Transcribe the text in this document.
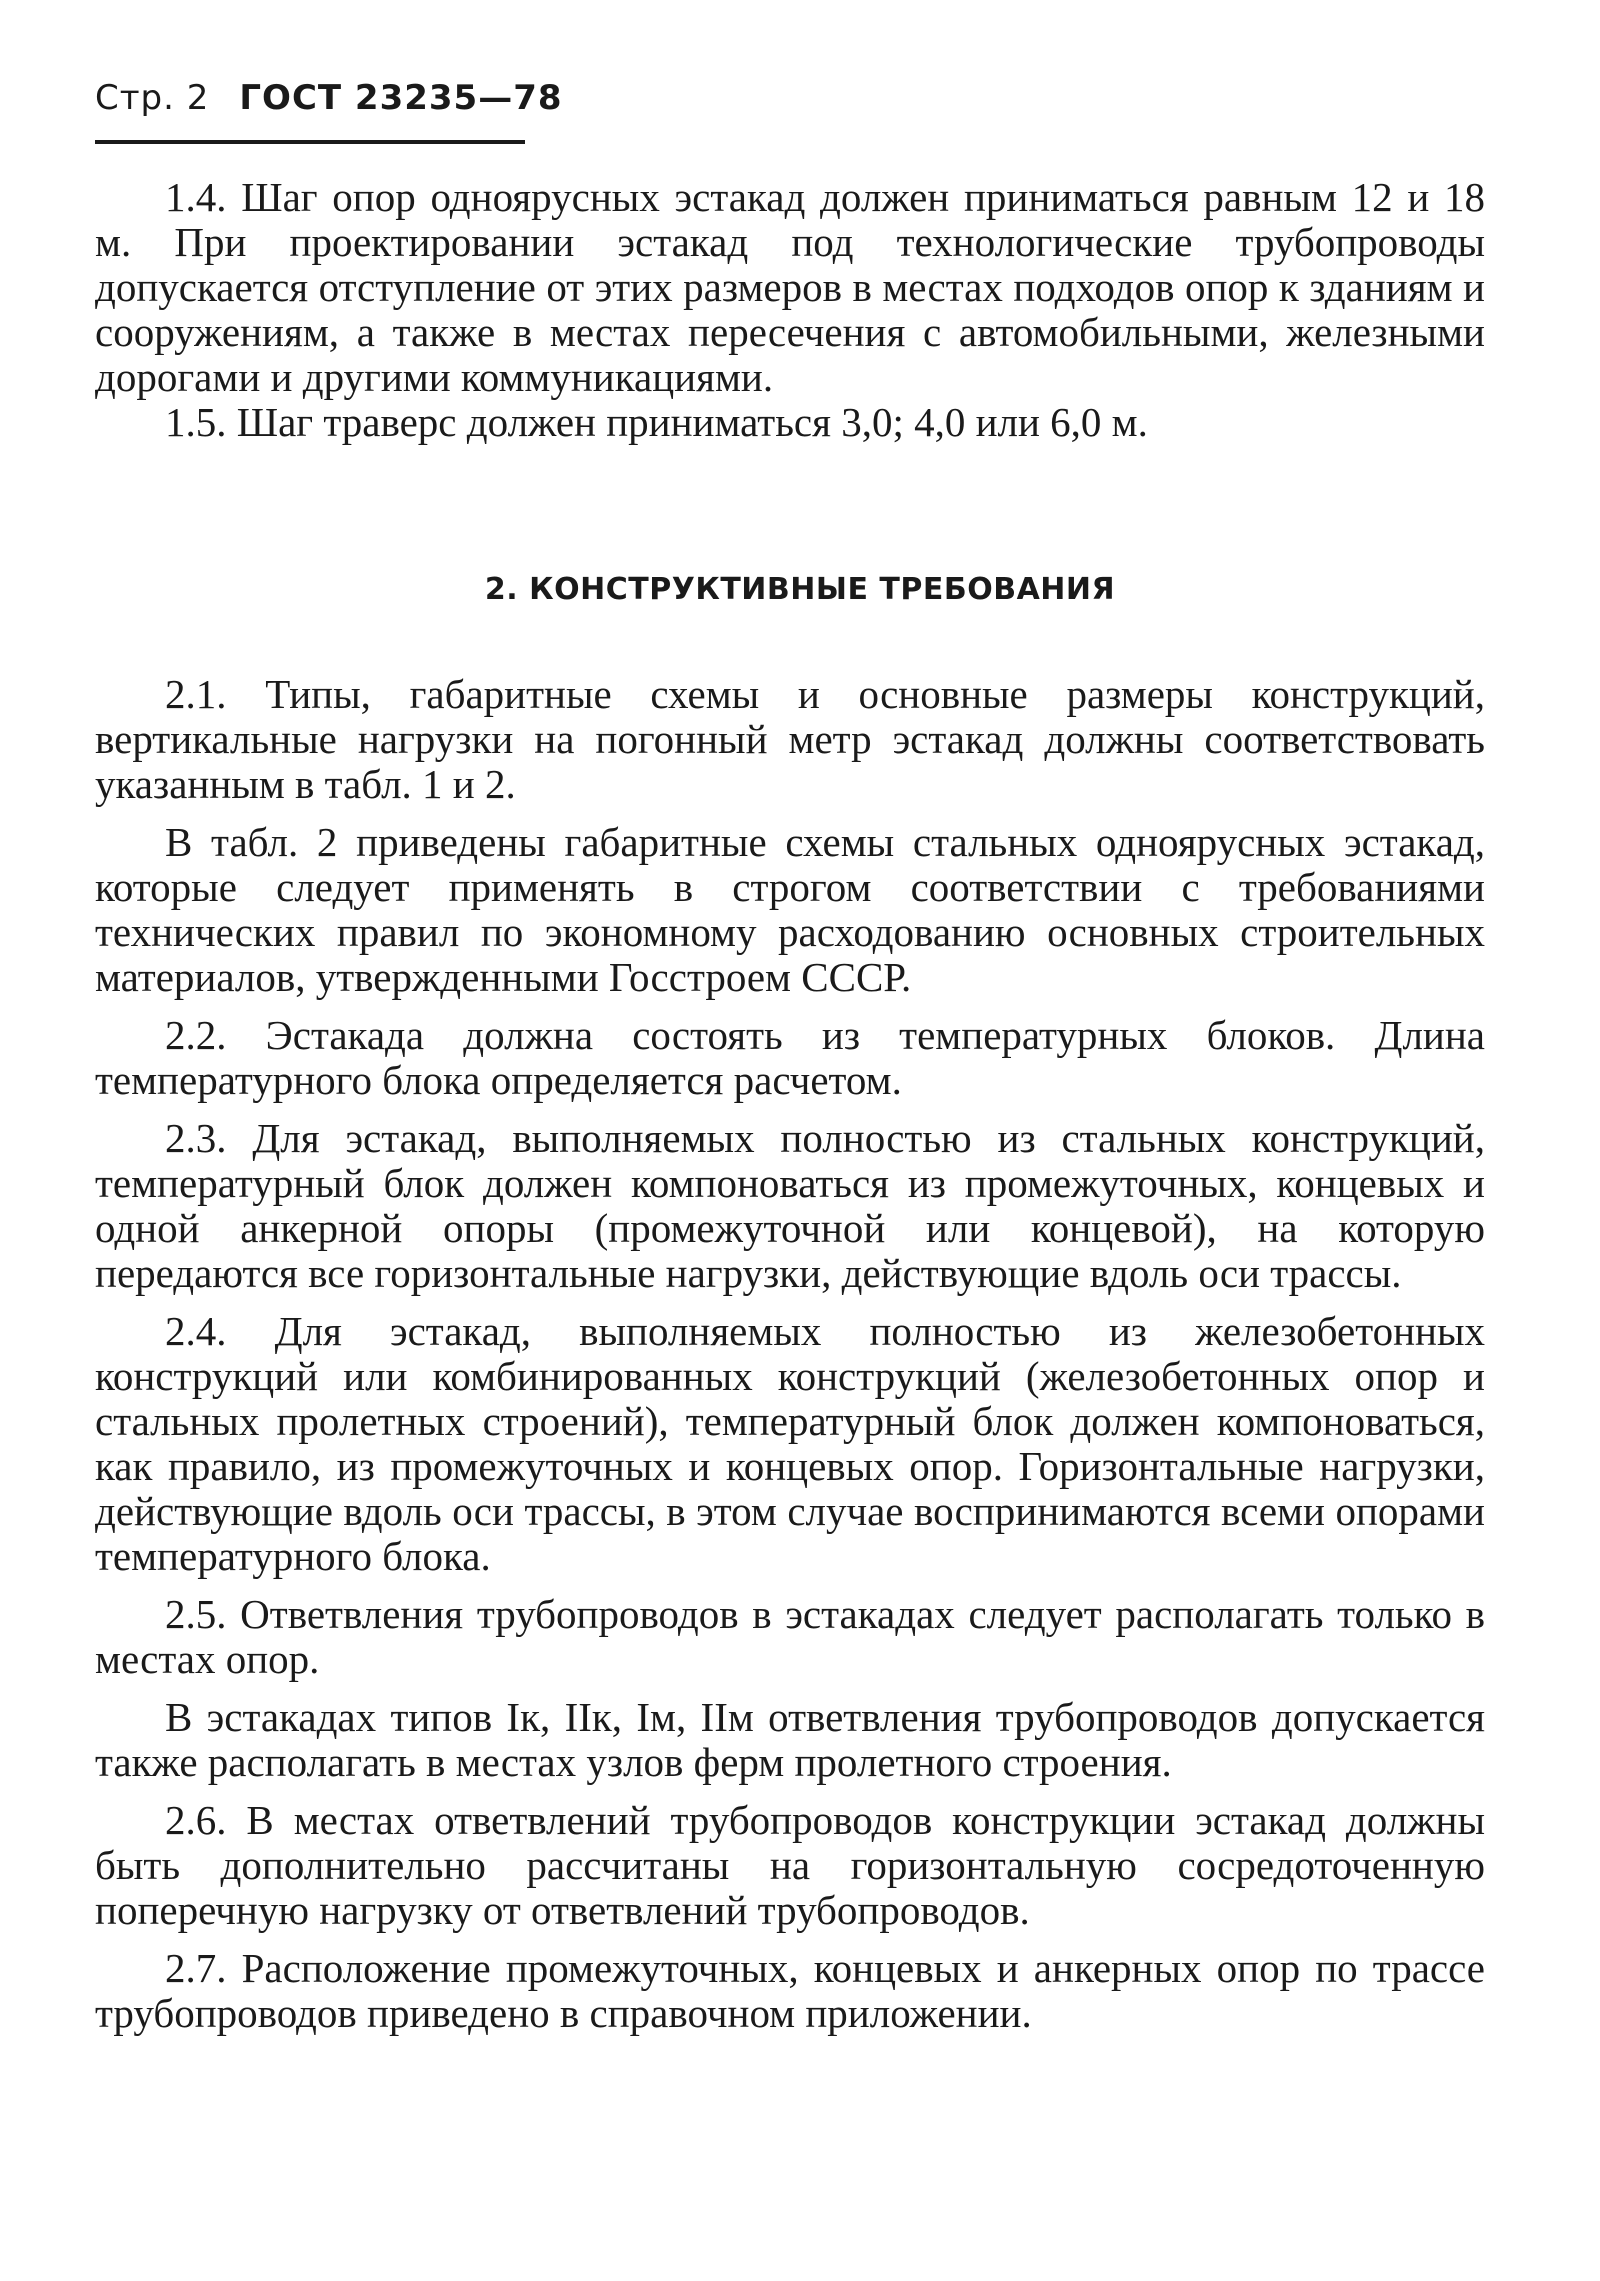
Стр. 2 ГОСТ 23235—78

1.4. Шаг опор одноярусных эстакад должен приниматься равным 12 и 18 м. При проектировании эстакад под технологические трубопроводы допускается отступление от этих размеров в местах подходов опор к зданиям и сооружениям, а также в местах пересечения с автомобильными, железными дорогами и другими коммуникациями.

1.5. Шаг траверс должен приниматься 3,0; 4,0 или 6,0 м.

2. КОНСТРУКТИВНЫЕ ТРЕБОВАНИЯ

2.1. Типы, габаритные схемы и основные размеры конструкций, вертикальные нагрузки на погонный метр эстакад должны соответствовать указанным в табл. 1 и 2.

В табл. 2 приведены габаритные схемы стальных одноярусных эстакад, которые следует применять в строгом соответствии с требованиями технических правил по экономному расходованию основных строительных материалов, утвержденными Госстроем СССР.

2.2. Эстакада должна состоять из температурных блоков. Длина температурного блока определяется расчетом.

2.3. Для эстакад, выполняемых полностью из стальных конструкций, температурный блок должен компоноваться из промежуточных, концевых и одной анкерной опоры (промежуточной или концевой), на которую передаются все горизонтальные нагрузки, действующие вдоль оси трассы.

2.4. Для эстакад, выполняемых полностью из железобетонных конструкций или комбинированных конструкций (железобетонных опор и стальных пролетных строений), температурный блок должен компоноваться, как правило, из промежуточных и концевых опор. Горизонтальные нагрузки, действующие вдоль оси трассы, в этом случае воспринимаются всеми опорами температурного блока.

2.5. Ответвления трубопроводов в эстакадах следует располагать только в местах опор.

В эстакадах типов Iк, IIк, Iм, IIм ответвления трубопроводов допускается также располагать в местах узлов ферм пролетного строения.

2.6. В местах ответвлений трубопроводов конструкции эстакад должны быть дополнительно рассчитаны на горизонтальную сосредоточенную поперечную нагрузку от ответвлений трубопроводов.

2.7. Расположение промежуточных, концевых и анкерных опор по трассе трубопроводов приведено в справочном приложении.
